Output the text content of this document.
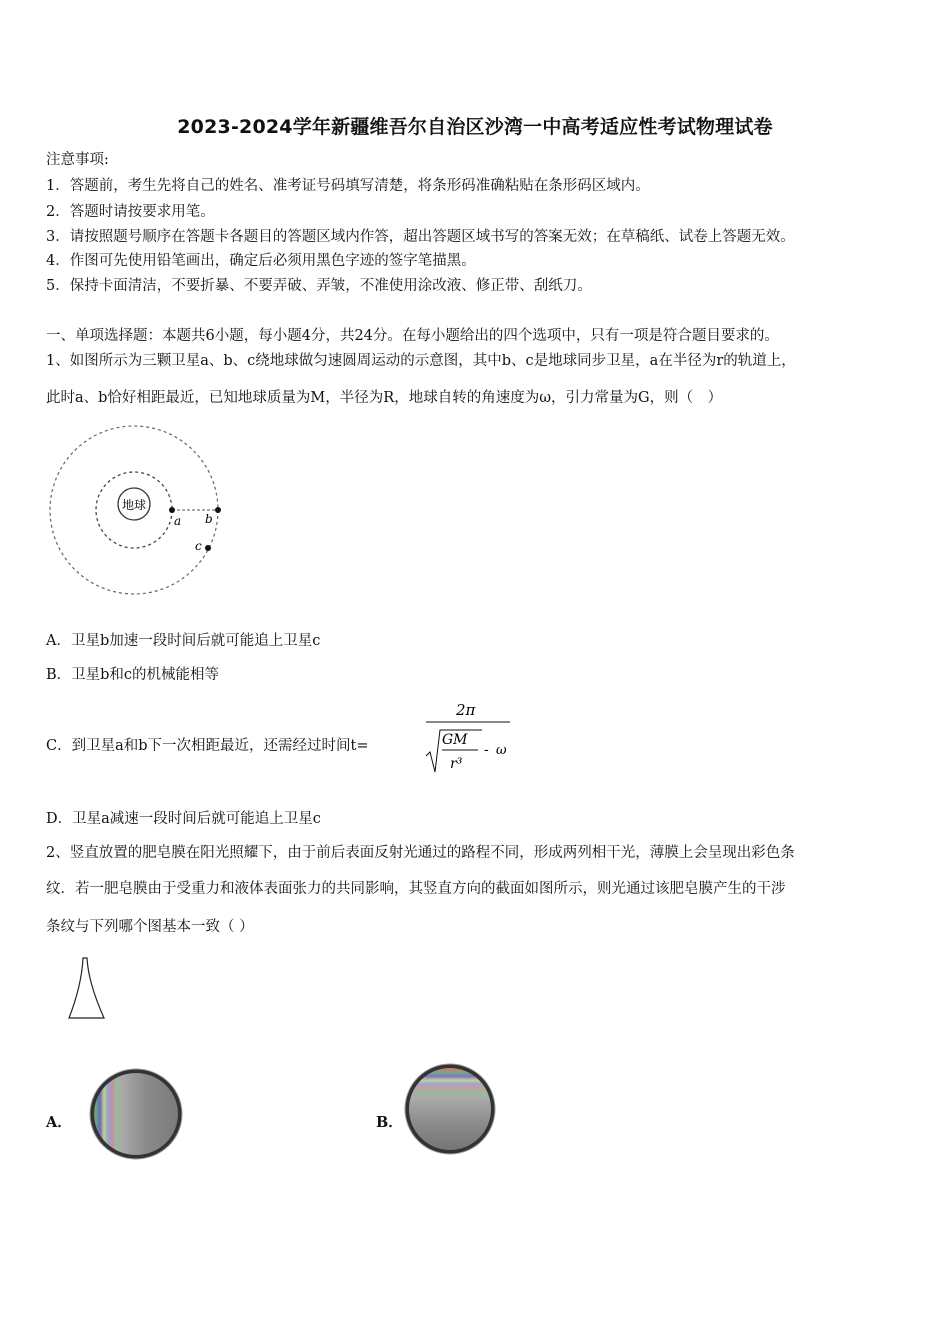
2023-2024学年新疆维吾尔自治区沙湾一中高考适应性考试物理试卷
注意事项:
1．答题前，考生先将自己的姓名、准考证号码填写清楚，将条形码准确粘贴在条形码区域内。
2．答题时请按要求用笔。
3．请按照题号顺序在答题卡各题目的答题区域内作答，超出答题区域书写的答案无效；在草稿纸、试卷上答题无效。
4．作图可先使用铅笔画出，确定后必须用黑色字迹的签字笔描黑。
5．保持卡面清洁，不要折暴、不要弄破、弄皱，不准使用涂改液、修正带、刮纸刀。
一、单项选择题：本题共6小题，每小题4分，共24分。在每小题给出的四个选项中，只有一项是符合题目要求的。
1、如图所示为三颗卫星a、b、c绕地球做匀速圆周运动的示意图，其中b、c是地球同步卫星，a在半径为r的轨道上，
此时a、b恰好相距最近，已知地球质量为M，半径为R，地球自转的角速度为ω，引力常量为G，则（　）
地球
a b
c
A．卫星b加速一段时间后就可能追上卫星c
B．卫星b和c的机械能相等
C．到卫星a和b下一次相距最近，还需经过时间t=
2π
GM
r³
- ω
D．卫星a减速一段时间后就可能追上卫星c
2、竖直放置的肥皂膜在阳光照耀下，由于前后表面反射光通过的路程不同，形成两列相干光，薄膜上会呈现出彩色条
纹．若一肥皂膜由于受重力和液体表面张力的共同影响，其竖直方向的截面如图所示，则光通过该肥皂膜产生的干涉
条纹与下列哪个图基本一致（ ）
A．	B．
